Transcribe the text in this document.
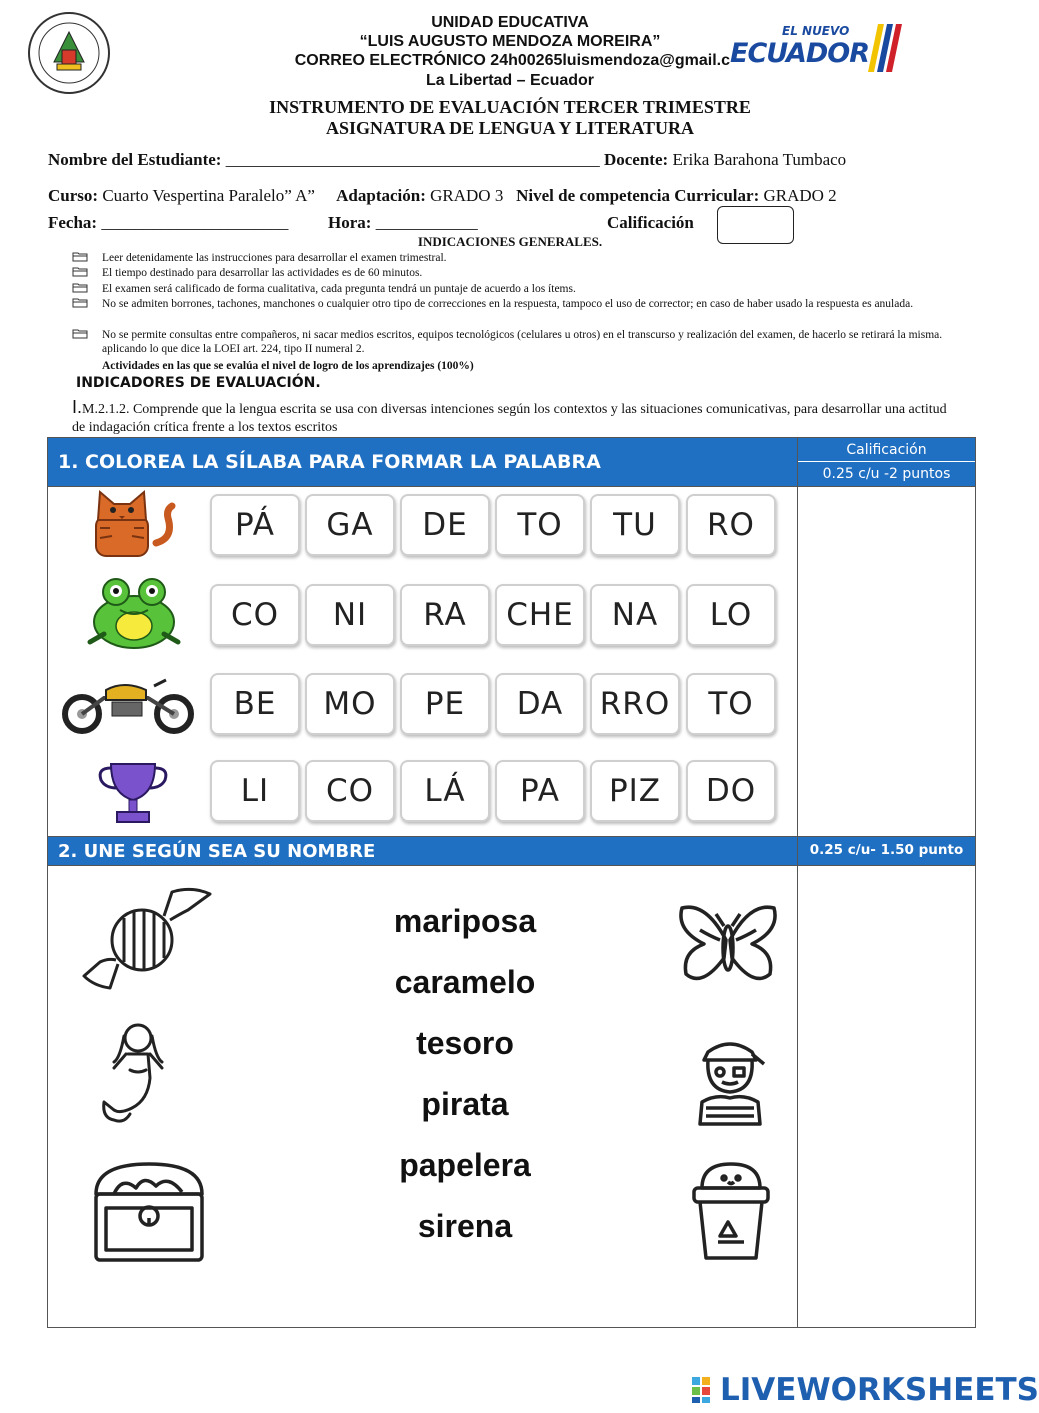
UNIDAD EDUCATIVA
“LUIS AUGUSTO MENDOZA MOREIRA”
CORREO ELECTRÓNICO 24h00265luismendoza@gmail.c
La Libertad – Ecuador
EL NUEVO
ECUADOR
INSTRUMENTO DE EVALUACIÓN TERCER TRIMESTRE
ASIGNATURA DE LENGUA Y LITERATURA
Nombre del Estudiante: ____________________________________________ Docente: Erika Barahona Tumbaco
Curso: Cuarto Vespertina Paralelo” A” Adaptación: GRADO 3 Nivel de competencia Curricular: GRADO 2
Fecha: ______________________ Hora: ____________	Calificación
INDICACIONES GENERALES.
Leer detenidamente las instrucciones para desarrollar el examen trimestral.
El tiempo destinado para desarrollar las actividades es de 60 minutos.
El examen será calificado de forma cualitativa, cada pregunta tendrá un puntaje de acuerdo a los ítems.
No se admiten borrones, tachones, manchones o cualquier otro tipo de correcciones en la respuesta, tampoco el uso de corrector; en caso de haber usado la respuesta es anulada.
No se permite consultas entre compañeros, ni sacar medios escritos, equipos tecnológicos (celulares u otros) en el transcurso y realización del examen, de hacerlo se retirará la misma. aplicando lo que dice la LOEI art. 224, tipo II numeral 2.
Actividades en las que se evalúa el nivel de logro de los aprendizajes (100%)
INDICADORES DE EVALUACIÓN.
I.M.2.1.2. Comprende que la lengua escrita se usa con diversas intenciones según los contextos y las situaciones comunicativas, para desarrollar una actitud de indagación crítica frente a los textos escritos
1. COLOREA LA SÍLABA PARA FORMAR LA PALABRA
Calificación
0.25 c/u -2 puntos
PÁ	GA	DE	TO	TU	RO
CO	NI	RA	CHE	NA	LO
BE	MO	PE	DA	RRO	TO
LI	CO	LÁ	PA	PIZ	DO
2. UNE SEGÚN SEA SU NOMBRE	0.25 c/u- 1.50 punto
mariposa
caramelo
tesoro
pirata
papelera
sirena
LIVEWORKSHEETS
